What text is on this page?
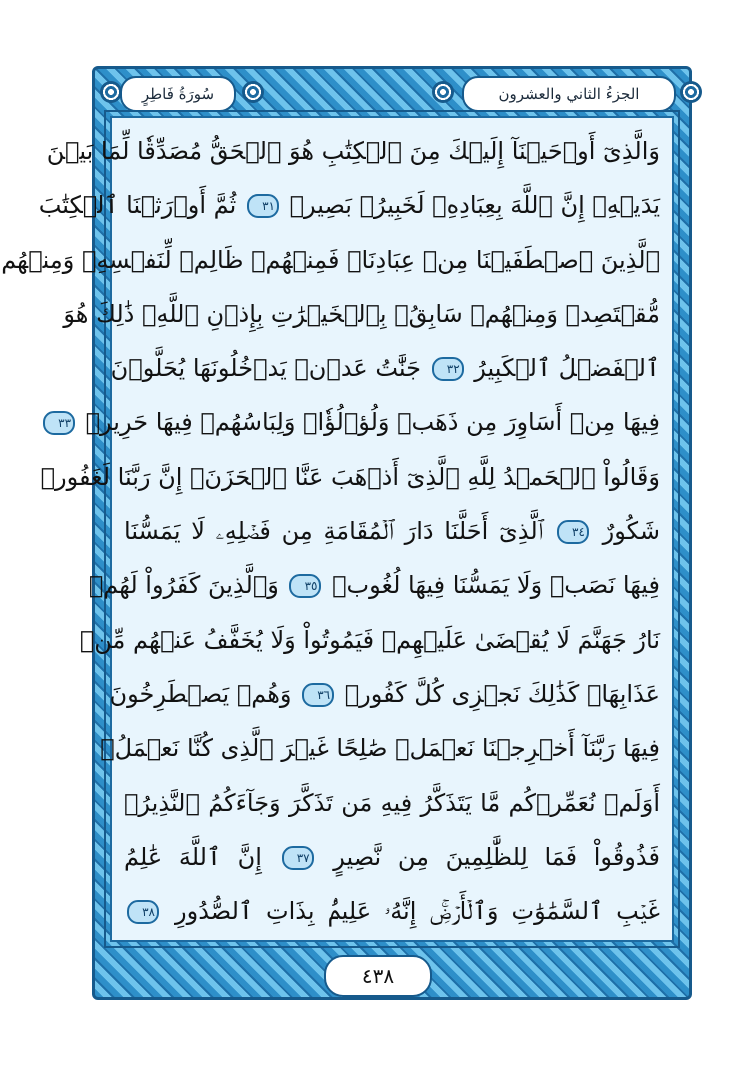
الجزءُ الثاني والعشرون
سُورَةُ فَاطِرٍ
وَالَّذِىٓ أَوۡحَيۡنَآ إِلَيۡكَ مِنَ ٱلۡكِتَٰبِ هُوَ ٱلۡحَقُّ مُصَدِّقٗا لِّمَا بَيۡنَ
يَدَيۡهِۗ إِنَّ ٱللَّهَ بِعِبَادِهِۦ لَخَبِيرُۢ بَصِيرٞ ٣١ ثُمَّ أَوۡرَثۡنَا ٱلۡكِتَٰبَ
ٱلَّذِينَ ٱصۡطَفَيۡنَا مِنۡ عِبَادِنَاۖ فَمِنۡهُمۡ ظَالِمٞ لِّنَفۡسِهِۦ وَمِنۡهُم
مُّقۡتَصِدٞ وَمِنۡهُمۡ سَابِقُۢ بِٱلۡخَيۡرَٰتِ بِإِذۡنِ ٱللَّهِۚ ذَٰلِكَ هُوَ
ٱلۡفَضۡلُ ٱلۡكَبِيرُ ٣٢ جَنَّٰتُ عَدۡنٖ يَدۡخُلُونَهَا يُحَلَّوۡنَ
فِيهَا مِنۡ أَسَاوِرَ مِن ذَهَبٖ وَلُؤۡلُؤٗاۖ وَلِبَاسُهُمۡ فِيهَا حَرِيرٞ ٣٣
وَقَالُواْ ٱلۡحَمۡدُ لِلَّهِ ٱلَّذِىٓ أَذۡهَبَ عَنَّا ٱلۡحَزَنَۖ إِنَّ رَبَّنَا لَغَفُورٞ
شَكُورٌ ٣٤ ٱلَّذِىٓ أَحَلَّنَا دَارَ ٱلۡمُقَامَةِ مِن فَضۡلِهِۦ لَا يَمَسُّنَا
فِيهَا نَصَبٞ وَلَا يَمَسُّنَا فِيهَا لُغُوبٞ ٣٥ وَٱلَّذِينَ كَفَرُواْ لَهُمۡ
نَارُ جَهَنَّمَ لَا يُقۡضَىٰ عَلَيۡهِمۡ فَيَمُوتُواْ وَلَا يُخَفَّفُ عَنۡهُم مِّنۡ
عَذَابِهَاۚ كَذَٰلِكَ نَجۡزِى كُلَّ كَفُورٖ ٣٦ وَهُمۡ يَصۡطَرِخُونَ
فِيهَا رَبَّنَآ أَخۡرِجۡنَا نَعۡمَلۡ صَٰلِحًا غَيۡرَ ٱلَّذِى كُنَّا نَعۡمَلُۚ
أَوَلَمۡ نُعَمِّرۡكُم مَّا يَتَذَكَّرُ فِيهِ مَن تَذَكَّرَ وَجَآءَكُمُ ٱلنَّذِيرُۖ
فَذُوقُواْ فَمَا لِلظَّٰلِمِينَ مِن نَّصِيرٍ ٣٧ إِنَّ ٱللَّهَ عَٰلِمُ
غَيۡبِ ٱلسَّمَٰوَٰتِ وَٱلۡأَرۡضِۚ إِنَّهُۥ عَلِيمُۢ بِذَاتِ ٱلصُّدُورِ ٣٨
٤٣٨
